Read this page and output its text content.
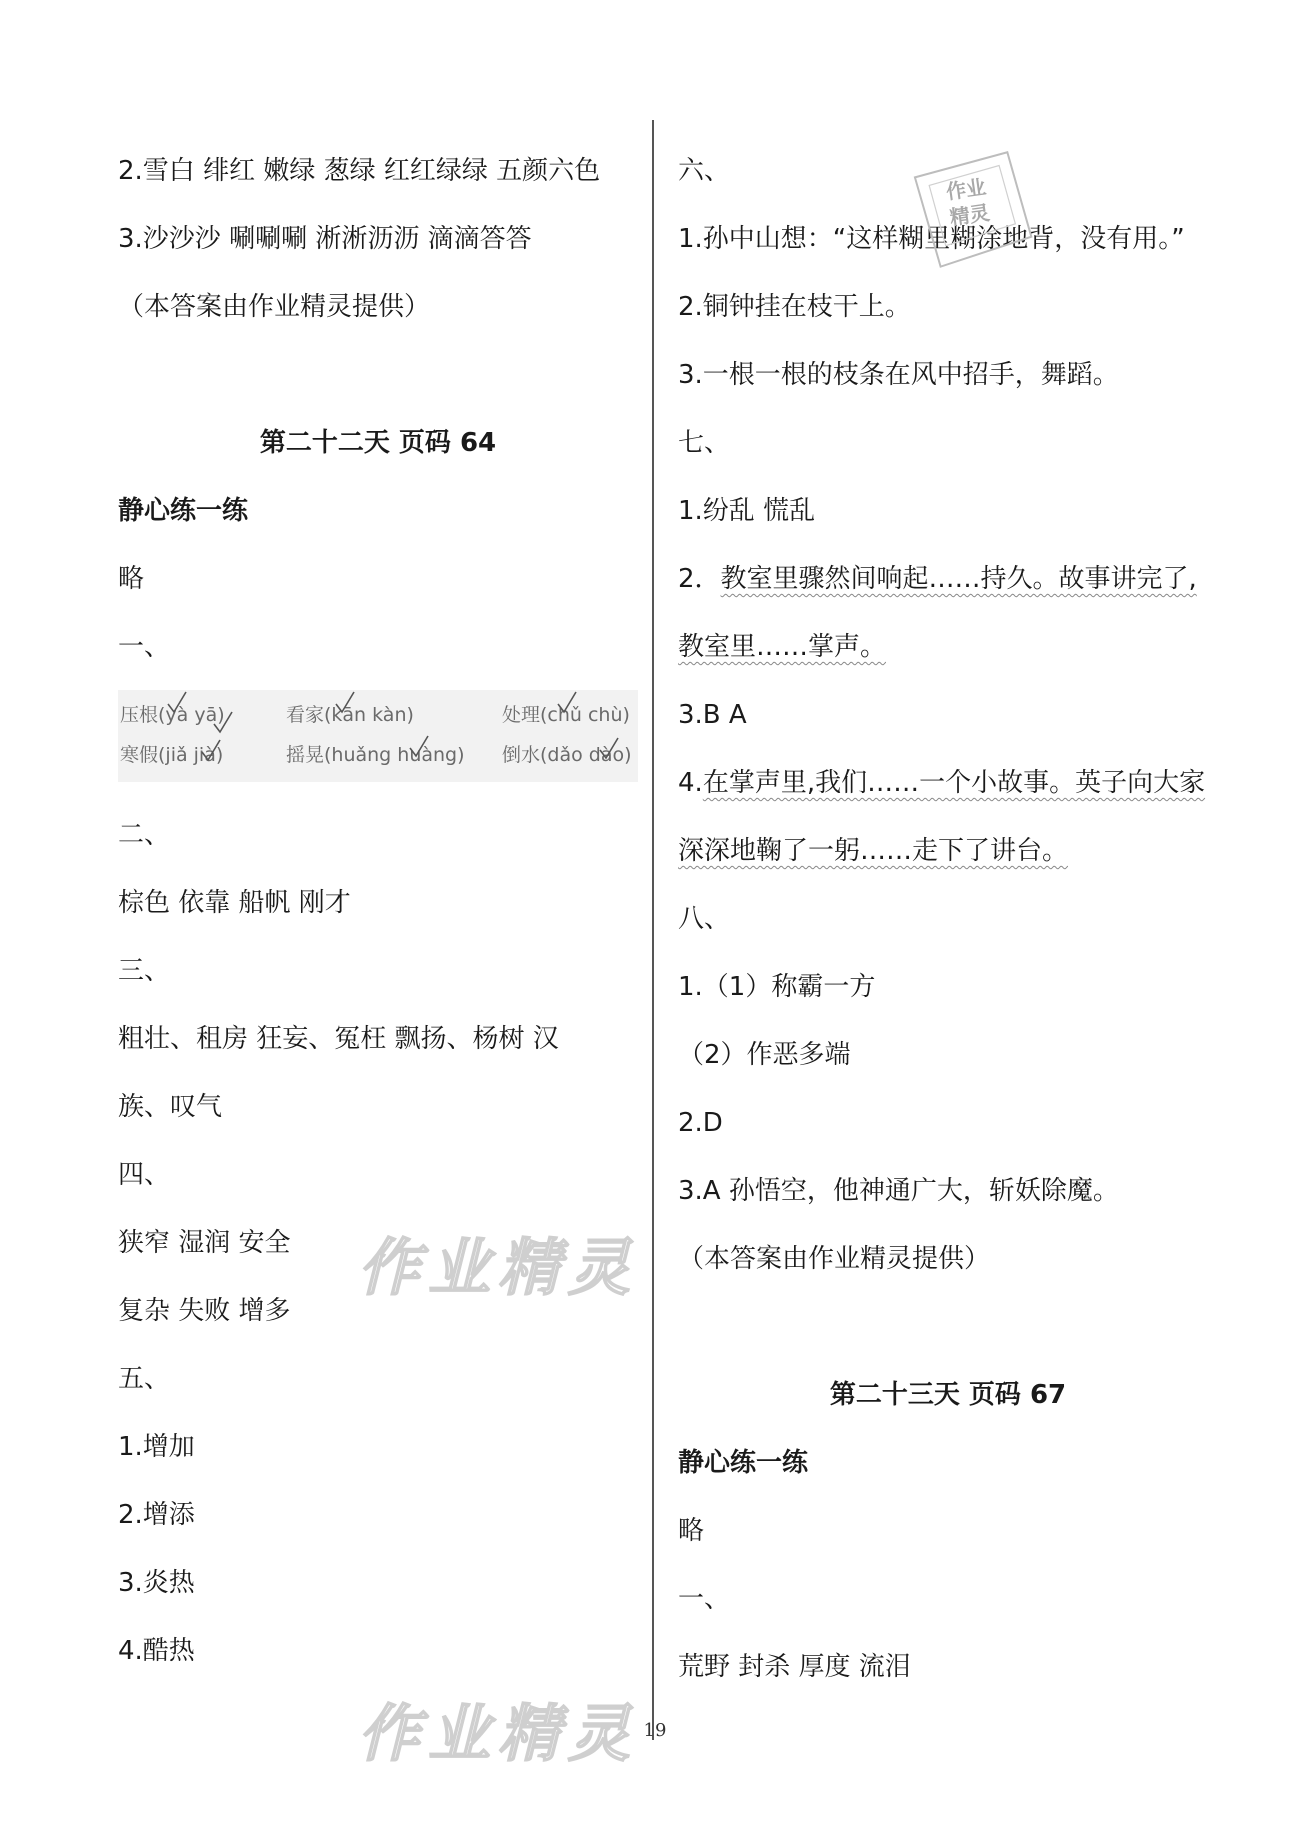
2.雪白 绯红 嫩绿 葱绿 红红绿绿 五颜六色
3.沙沙沙 唰唰唰 淅淅沥沥 滴滴答答
（本答案由作业精灵提供）
第二十二天 页码 64
静心练一练
略
一、
二、
棕色 依靠 船帆 刚才
三、
粗壮、租房 狂妄、冤枉 飘扬、杨树 汉
族、叹气
四、
狭窄 湿润 安全
复杂 失败 增多
五、
1.增加
2.增添
3.炎热
4.酷热
压根(yà yā)	看家(kān kàn)	处理(chǔ chù)
寒假(jiǎ jià)	摇晃(huǎng huàng) 倒水(dǎo dào)
六、
1.孙中山想：“这样糊里糊涂地背，没有用。”
2.铜钟挂在枝干上。
3.一根一根的枝条在风中招手，舞蹈。
七、
1.纷乱 慌乱
2．教室里骤然间响起……持久。故事讲完了,
教室里……掌声。
3.B A
4.在掌声里,我们……一个小故事。英子向大家
深深地鞠了一躬……走下了讲台。
八、
1.（1）称霸一方
（2）作恶多端
2.D
3.A 孙悟空，他神通广大，斩妖除魔。
（本答案由作业精灵提供）
第二十三天 页码 67
静心练一练
略
一、
荒野 封杀 厚度 流泪
作业精灵
作业精灵
作业
精灵
19
